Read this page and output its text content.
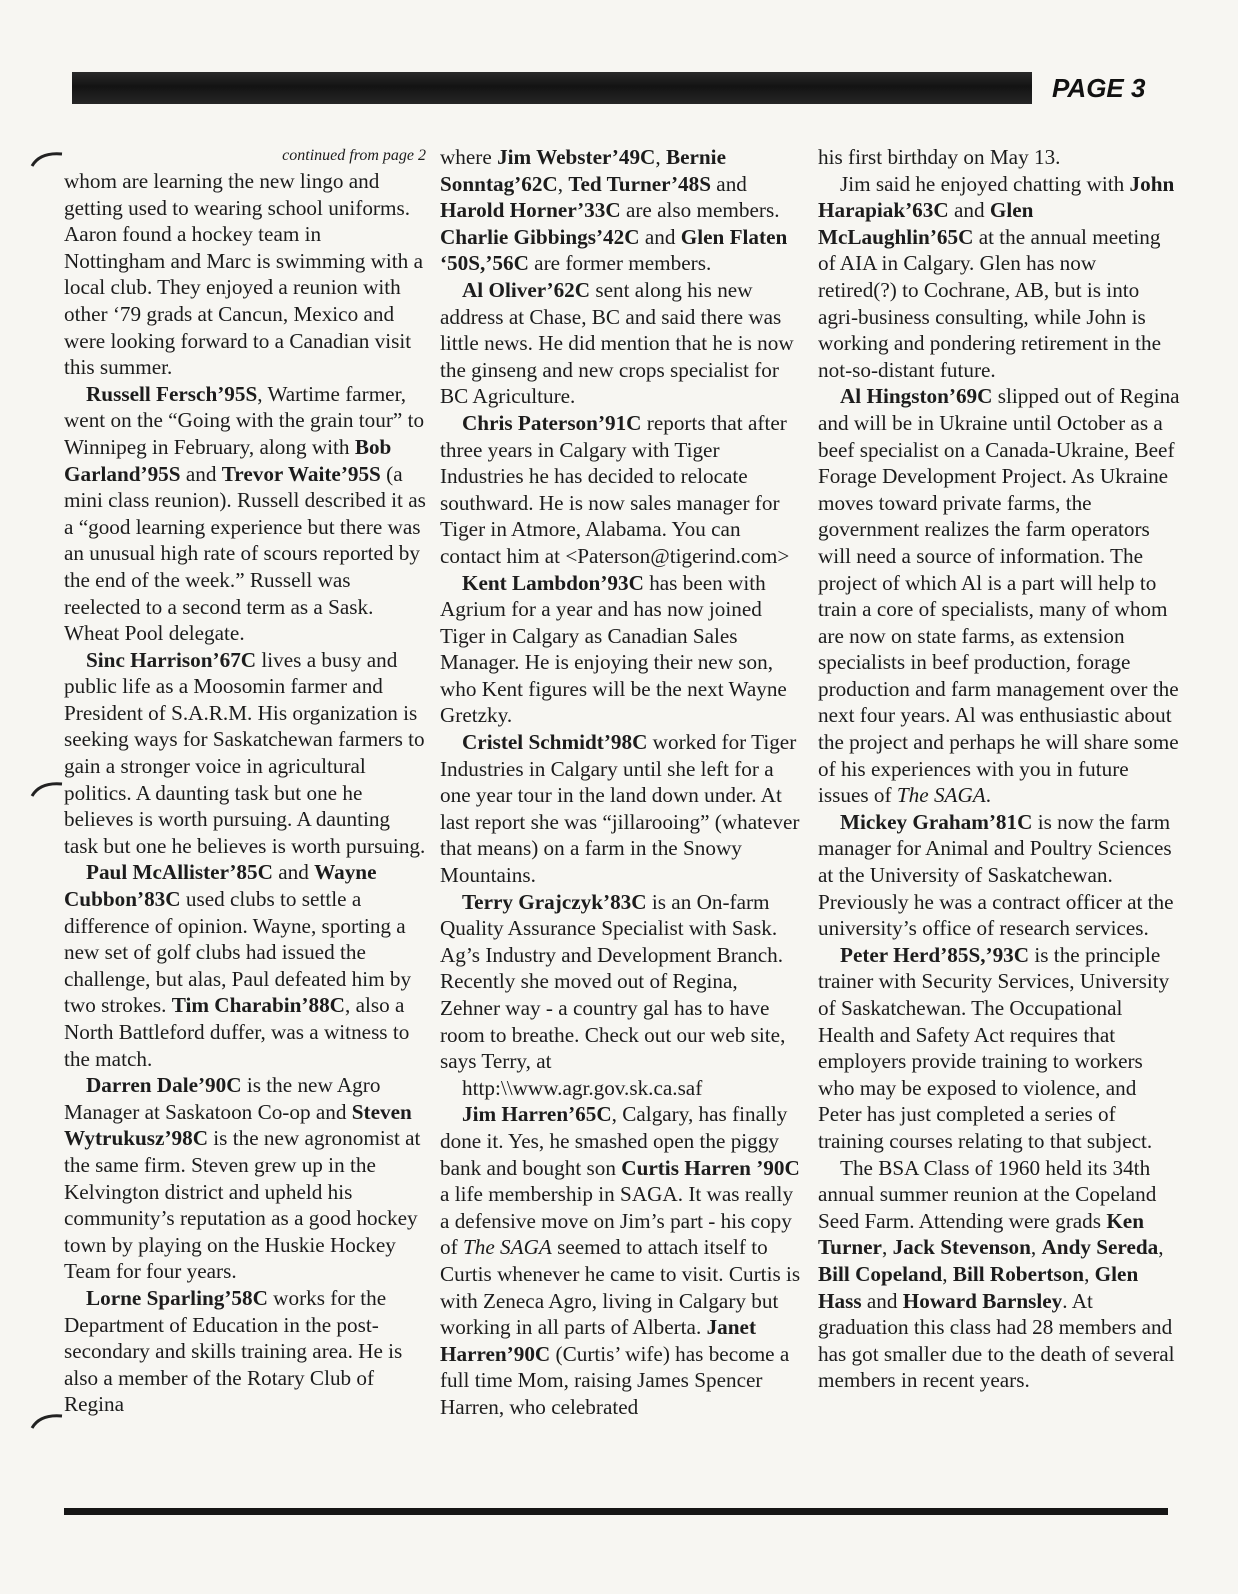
PAGE 3

continued from page 2

whom are learning the new lingo and getting used to wearing school uniforms. Aaron found a hockey team in Nottingham and Marc is swimming with a local club. They enjoyed a reunion with other ‘79 grads at Cancun, Mexico and were looking forward to a Canadian visit this summer.

Russell Fersch’95S, Wartime farmer, went on the “Going with the grain tour” to Winnipeg in February, along with Bob Garland’95S and Trevor Waite’95S (a mini class reunion). Russell described it as a “good learning experience but there was an unusual high rate of scours reported by the end of the week.” Russell was reelected to a second term as a Sask. Wheat Pool delegate.

Sinc Harrison’67C lives a busy and public life as a Moosomin farmer and President of S.A.R.M. His organization is seeking ways for Saskatchewan farmers to gain a stronger voice in agricultural politics. A daunting task but one he believes is worth pursuing. A daunting task but one he believes is worth pursuing.

Paul McAllister’85C and Wayne Cubbon’83C used clubs to settle a difference of opinion. Wayne, sporting a new set of golf clubs had issued the challenge, but alas, Paul defeated him by two strokes. Tim Charabin’88C, also a North Battleford duffer, was a witness to the match.

Darren Dale’90C is the new Agro Manager at Saskatoon Co-op and Steven Wytrukusz’98C is the new agronomist at the same firm. Steven grew up in the Kelvington district and upheld his community’s reputation as a good hockey town by playing on the Huskie Hockey Team for four years.

Lorne Sparling’58C works for the Department of Education in the post-secondary and skills training area. He is also a member of the Rotary Club of Regina

where Jim Webster’49C, Bernie Sonntag’62C, Ted Turner’48S and Harold Horner’33C are also members. Charlie Gibbings’42C and Glen Flaten ‘50S,’56C are former members.

Al Oliver’62C sent along his new address at Chase, BC and said there was little news. He did mention that he is now the ginseng and new crops specialist for BC Agriculture.

Chris Paterson’91C reports that after three years in Calgary with Tiger Industries he has decided to relocate southward. He is now sales manager for Tiger in Atmore, Alabama. You can contact him at <Paterson@tigerind.com>

Kent Lambdon’93C has been with Agrium for a year and has now joined Tiger in Calgary as Canadian Sales Manager. He is enjoying their new son, who Kent figures will be the next Wayne Gretzky.

Cristel Schmidt’98C worked for Tiger Industries in Calgary until she left for a one year tour in the land down under. At last report she was “jillarooing” (whatever that means) on a farm in the Snowy Mountains.

Terry Grajczyk’83C is an On-farm Quality Assurance Specialist with Sask. Ag’s Industry and Development Branch. Recently she moved out of Regina, Zehner way - a country gal has to have room to breathe. Check out our web site, says Terry, at

http:\\www.agr.gov.sk.ca.saf

Jim Harren’65C, Calgary, has finally done it. Yes, he smashed open the piggy bank and bought son Curtis Harren ’90C a life membership in SAGA. It was really a defensive move on Jim’s part - his copy of The SAGA seemed to attach itself to Curtis whenever he came to visit. Curtis is with Zeneca Agro, living in Calgary but working in all parts of Alberta. Janet Harren’90C (Curtis’ wife) has become a full time Mom, raising James Spencer Harren, who celebrated

his first birthday on May 13.

Jim said he enjoyed chatting with John Harapiak’63C and Glen McLaughlin’65C at the annual meeting of AIA in Calgary. Glen has now retired(?) to Cochrane, AB, but is into agri-business consulting, while John is working and pondering retirement in the not-so-distant future.

Al Hingston’69C slipped out of Regina and will be in Ukraine until October as a beef specialist on a Canada-Ukraine, Beef Forage Development Project. As Ukraine moves toward private farms, the government realizes the farm operators will need a source of information. The project of which Al is a part will help to train a core of specialists, many of whom are now on state farms, as extension specialists in beef production, forage production and farm management over the next four years. Al was enthusiastic about the project and perhaps he will share some of his experiences with you in future issues of The SAGA.

Mickey Graham’81C is now the farm manager for Animal and Poultry Sciences at the University of Saskatchewan. Previously he was a contract officer at the university’s office of research services.

Peter Herd’85S,’93C is the principle trainer with Security Services, University of Saskatchewan. The Occupational Health and Safety Act requires that employers provide training to workers who may be exposed to violence, and Peter has just completed a series of training courses relating to that subject.

The BSA Class of 1960 held its 34th annual summer reunion at the Copeland Seed Farm. Attending were grads Ken Turner, Jack Stevenson, Andy Sereda, Bill Copeland, Bill Robertson, Glen Hass and Howard Barnsley. At graduation this class had 28 members and has got smaller due to the death of several members in recent years.
